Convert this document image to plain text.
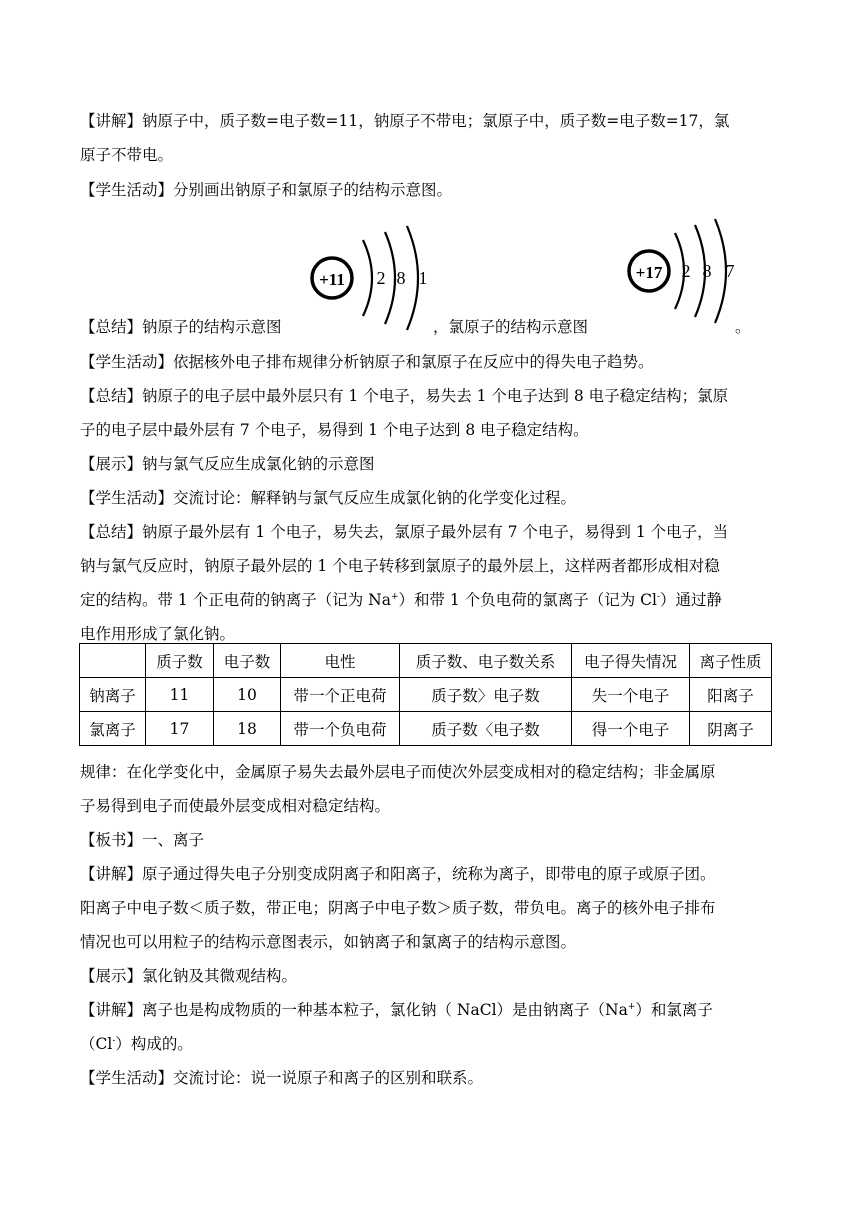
【讲解】钠原子中，质子数=电子数=11，钠原子不带电；氯原子中，质子数=电子数=17，氯
原子不带电。
【学生活动】分别画出钠原子和氯原子的结构示意图。
+11 2 8 1	+17 2 8 7
【总结】钠原子的结构示意图	，氯原子的结构示意图	。
【学生活动】依据核外电子排布规律分析钠原子和氯原子在反应中的得失电子趋势。
【总结】钠原子的电子层中最外层只有 1 个电子，易失去 1 个电子达到 8 电子稳定结构；氯原
子的电子层中最外层有 7 个电子，易得到 1 个电子达到 8 电子稳定结构。
【展示】钠与氯气反应生成氯化钠的示意图
【学生活动】交流讨论：解释钠与氯气反应生成氯化钠的化学变化过程。
【总结】钠原子最外层有 1 个电子，易失去，氯原子最外层有 7 个电子，易得到 1 个电子，当
钠与氯气反应时，钠原子最外层的 1 个电子转移到氯原子的最外层上，这样两者都形成相对稳
定的结构。带 1 个正电荷的钠离子（记为 Na+）和带 1 个负电荷的氯离子（记为 Cl-）通过静
电作用形成了氯化钠。
	质子数	电子数	电性	质子数、电子数关系	电子得失情况	离子性质
钠离子	11	10	带一个正电荷	质子数〉电子数	失一个电子	阳离子
氯离子	17	18	带一个负电荷	质子数〈电子数	得一个电子	阴离子
规律：在化学变化中，金属原子易失去最外层电子而使次外层变成相对的稳定结构；非金属原
子易得到电子而使最外层变成相对稳定结构。
【板书】一、离子
【讲解】原子通过得失电子分别变成阴离子和阳离子，统称为离子，即带电的原子或原子团。
阳离子中电子数＜质子数，带正电；阴离子中电子数＞质子数，带负电。离子的核外电子排布
情况也可以用粒子的结构示意图表示，如钠离子和氯离子的结构示意图。
【展示】氯化钠及其微观结构。
【讲解】离子也是构成物质的一种基本粒子，氯化钠（ NaCl）是由钠离子（Na+）和氯离子
（Cl-）构成的。
【学生活动】交流讨论：说一说原子和离子的区别和联系。
